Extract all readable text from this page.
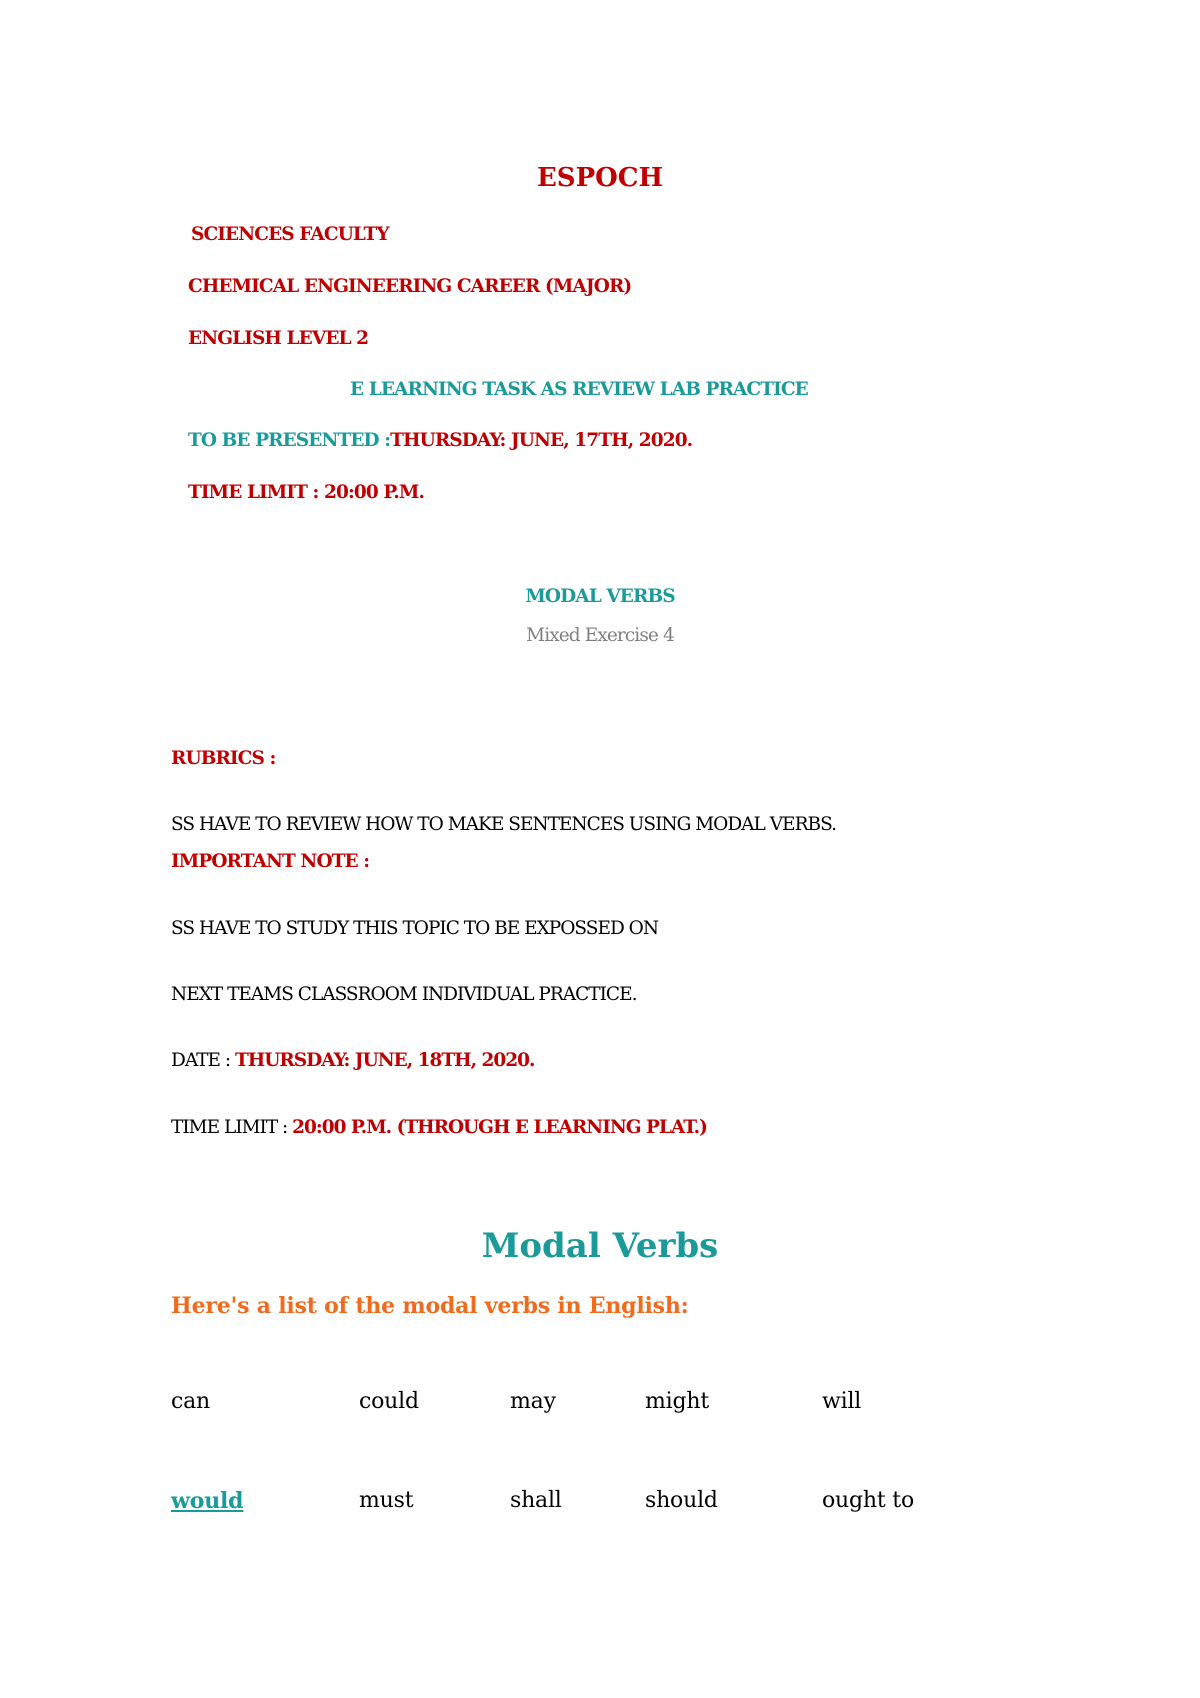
ESPOCH
SCIENCES FACULTY
CHEMICAL ENGINEERING CAREER (MAJOR)
ENGLISH LEVEL 2
E LEARNING TASK AS REVIEW LAB PRACTICE
TO BE PRESENTED :THURSDAY: JUNE, 17TH, 2020.
TIME LIMIT : 20:00 P.M.
MODAL VERBS
Mixed Exercise 4
RUBRICS :
SS HAVE TO REVIEW HOW TO MAKE SENTENCES USING MODAL VERBS.
IMPORTANT NOTE :
SS HAVE TO STUDY THIS TOPIC TO BE EXPOSSED ON
NEXT TEAMS CLASSROOM INDIVIDUAL PRACTICE.
DATE : THURSDAY: JUNE, 18TH, 2020.
TIME LIMIT : 20:00 P.M. (THROUGH E LEARNING PLAT.)
Modal Verbs
Here's a list of the modal verbs in English:
can	could	may	might	will
would	must	shall	should	ought to
